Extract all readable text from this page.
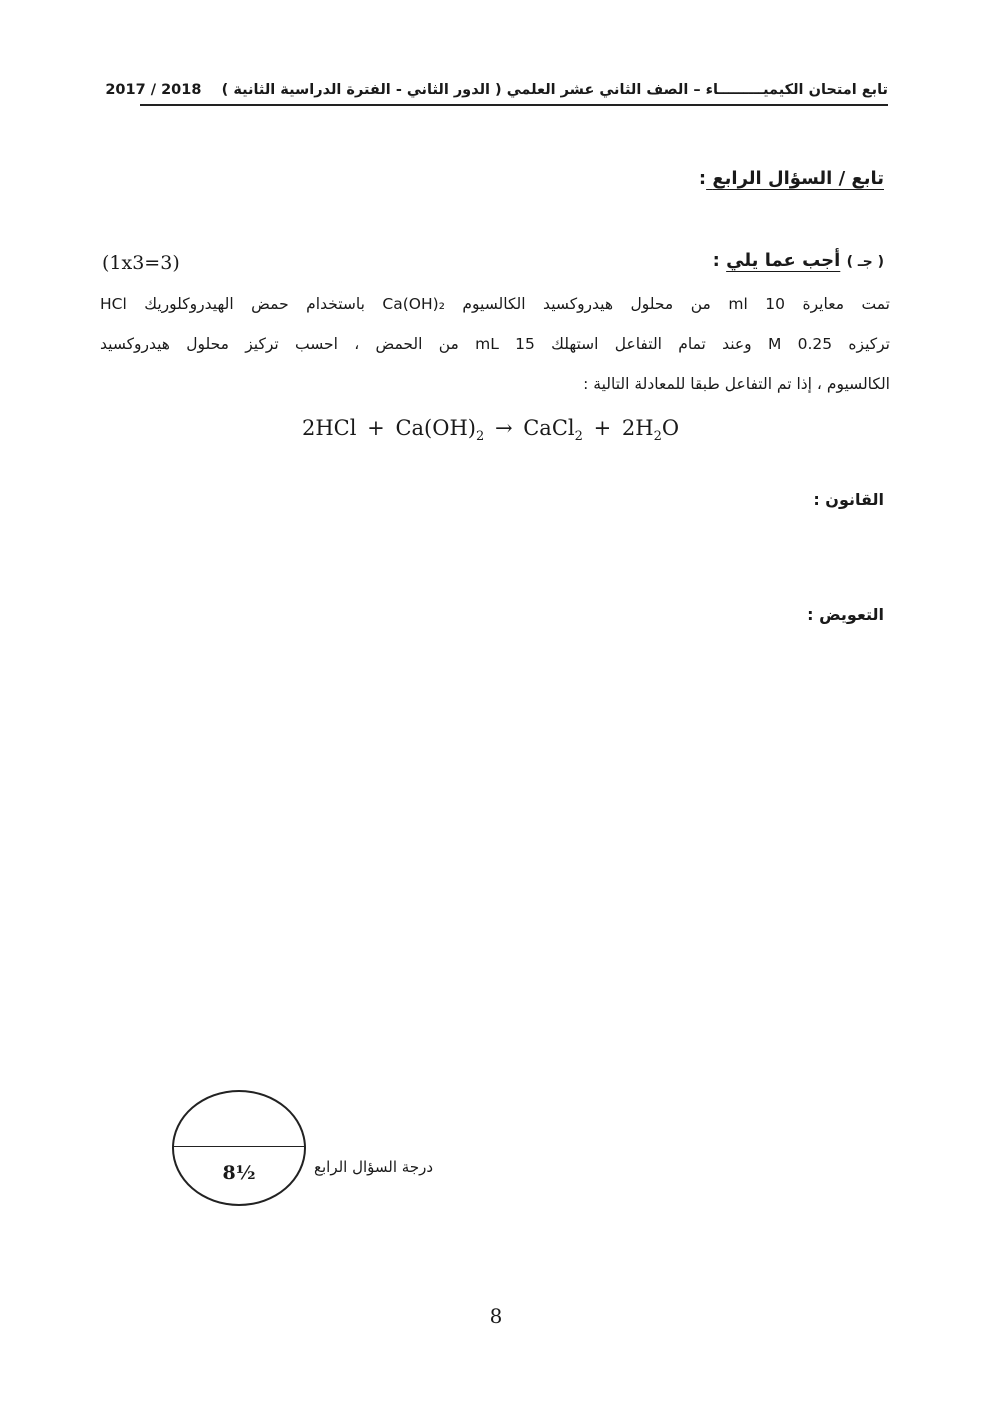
تابع امتحان الكيميـــــــــاء – الصف الثاني عشر العلمي ( الدور الثاني - الفترة الدراسية الثانية )    2017 / 2018
تابع / السؤال الرابع :
( جـ ) أجب عما يلي :
(1x3=3)
تمت معايرة 10 ml من محلول هيدروكسيد الكالسيوم Ca(OH)₂ باستخدام حمض الهيدروكلوريك HCl
تركيزه M 0.25 وعند تمام التفاعل استهلك 15 mL من الحمض ، احسب تركيز محلول هيدروكسيد
الكالسيوم ، إذا تم التفاعل طبقا للمعادلة التالية :
$2HCl + Ca(OH)_2$ → CaCl$_2$ + $2H_2O$
القانون :
التعويض :
8½	درجة السؤال الرابع
8
